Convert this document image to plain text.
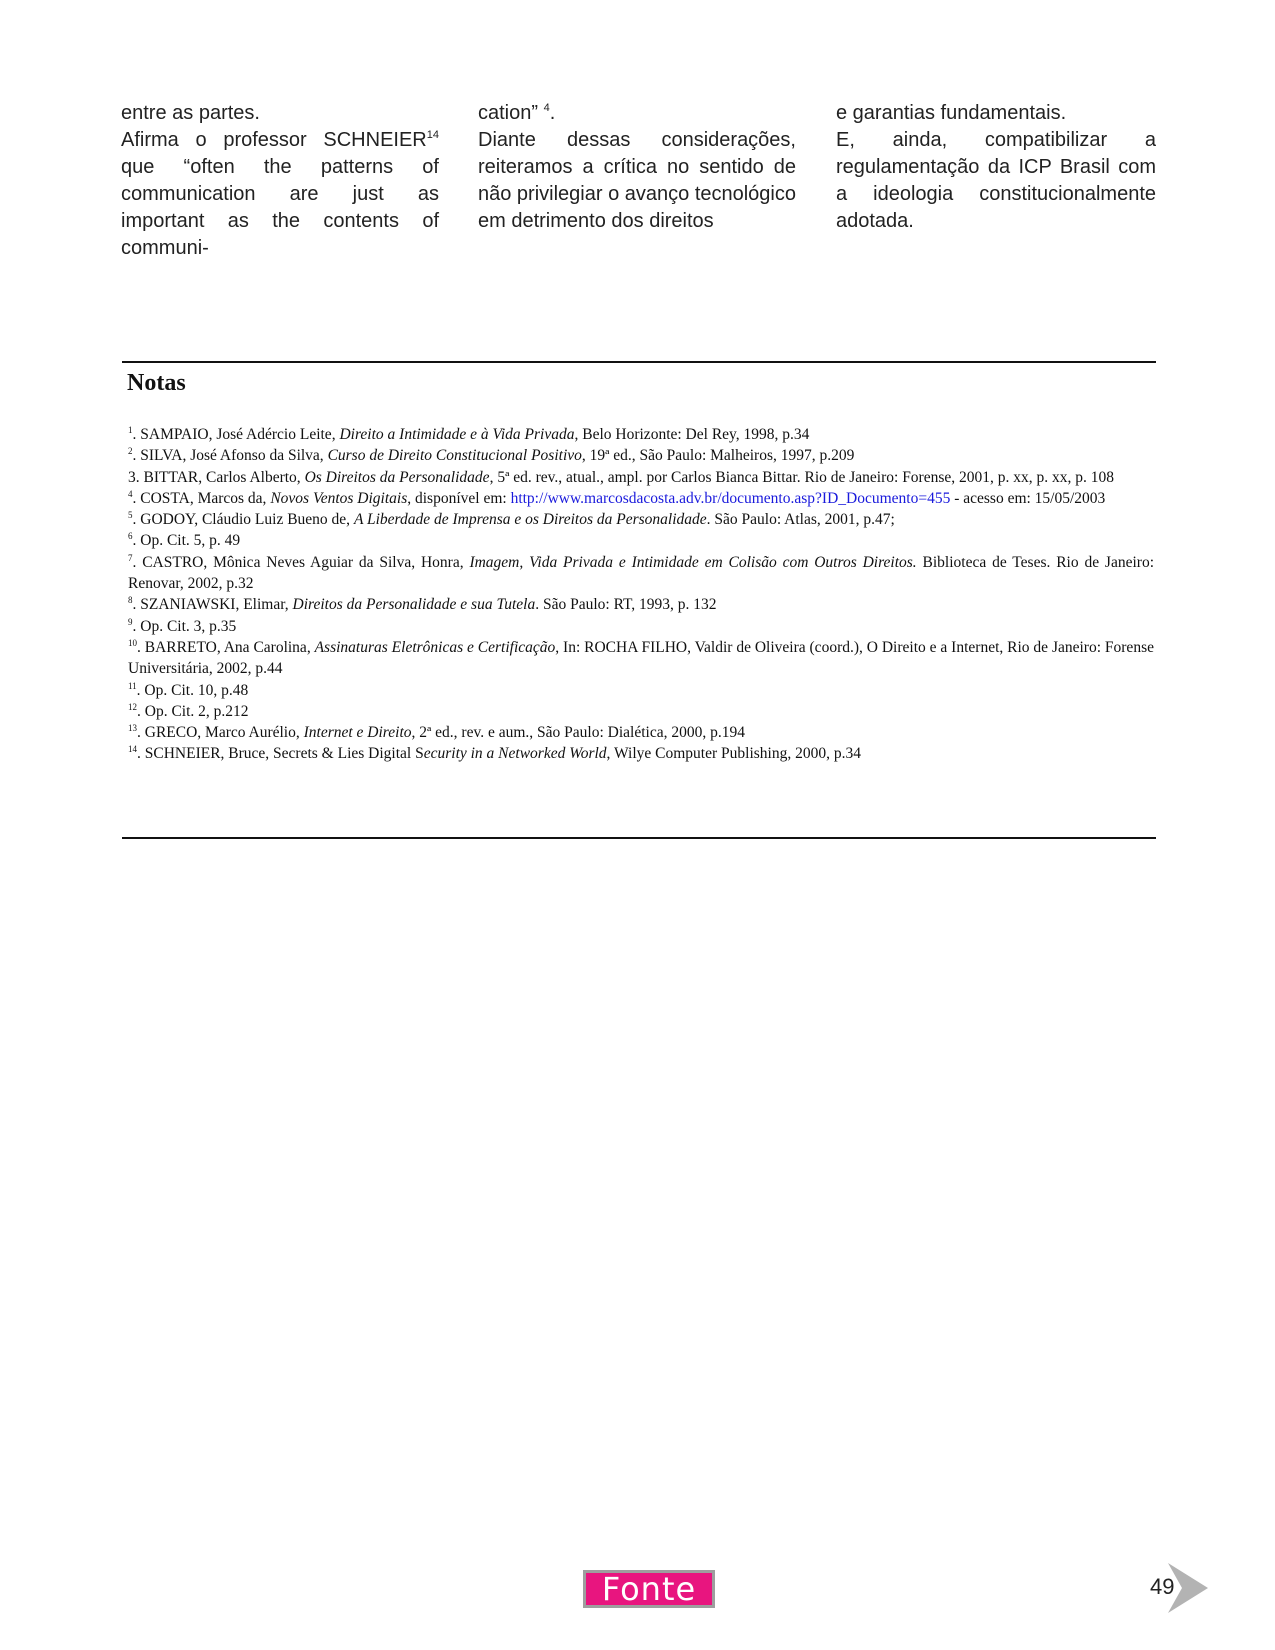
entre as partes.

Afirma o professor SCHNEIER$^{14}$ que “often the patterns of communication are just as important as the contents of communi-

cation” $^4$.

Diante dessas considerações, reiteramos a crítica no sentido de não privilegiar o avanço tecnológico em detrimento dos direitos

e garantias fundamentais.

E, ainda, compatibilizar a regulamentação da ICP Brasil com a ideologia constitucionalmente adotada.

Notas
$^1$. SAMPAIO, José Adércio Leite, Direito a Intimidade e à Vida Privada, Belo Horizonte: Del Rey, 1998, p.34
$^2$. SILVA, José Afonso da Silva, Curso de Direito Constitucional Positivo, 19ª ed., São Paulo: Malheiros, 1997, p.209
3. BITTAR, Carlos Alberto, Os Direitos da Personalidade, 5ª ed. rev., atual., ampl. por Carlos Bianca Bittar. Rio de Janeiro: Forense, 2001, p. xx, p. xx, p. 108
$^4$. COSTA, Marcos da, Novos Ventos Digitais, disponível em: http://www.marcosdacosta.adv.br/documento.asp?ID_Documento=455 - acesso em: 15/05/2003
$^5$. GODOY, Cláudio Luiz Bueno de, A Liberdade de Imprensa e os Direitos da Personalidade. São Paulo: Atlas, 2001, p.47;
$^6$. Op. Cit. 5, p. 49
$^7$. CASTRO, Mônica Neves Aguiar da Silva, Honra, Imagem, Vida Privada e Intimidade em Colisão com Outros Direitos. Biblioteca de Teses. Rio de Janeiro: Renovar, 2002, p.32
$^8$. SZANIAWSKI, Elimar, Direitos da Personalidade e sua Tutela. São Paulo: RT, 1993, p. 132
$^9$. Op. Cit. 3, p.35
$^{10}$. BARRETO, Ana Carolina, Assinaturas Eletrônicas e Certificação, In: ROCHA FILHO, Valdir de Oliveira (coord.), O Direito e a Internet, Rio de Janeiro: Forense Universitária, 2002, p.44
$^{11}$. Op. Cit. 10, p.48
$^{12}$. Op. Cit. 2, p.212
$^{13}$. GRECO, Marco Aurélio, Internet e Direito, 2ª ed., rev. e aum., São Paulo: Dialética, 2000, p.194
$^{14}$. SCHNEIER, Bruce, Secrets & Lies Digital Security in a Networked World, Wilye Computer Publishing, 2000, p.34
Fonte	49
